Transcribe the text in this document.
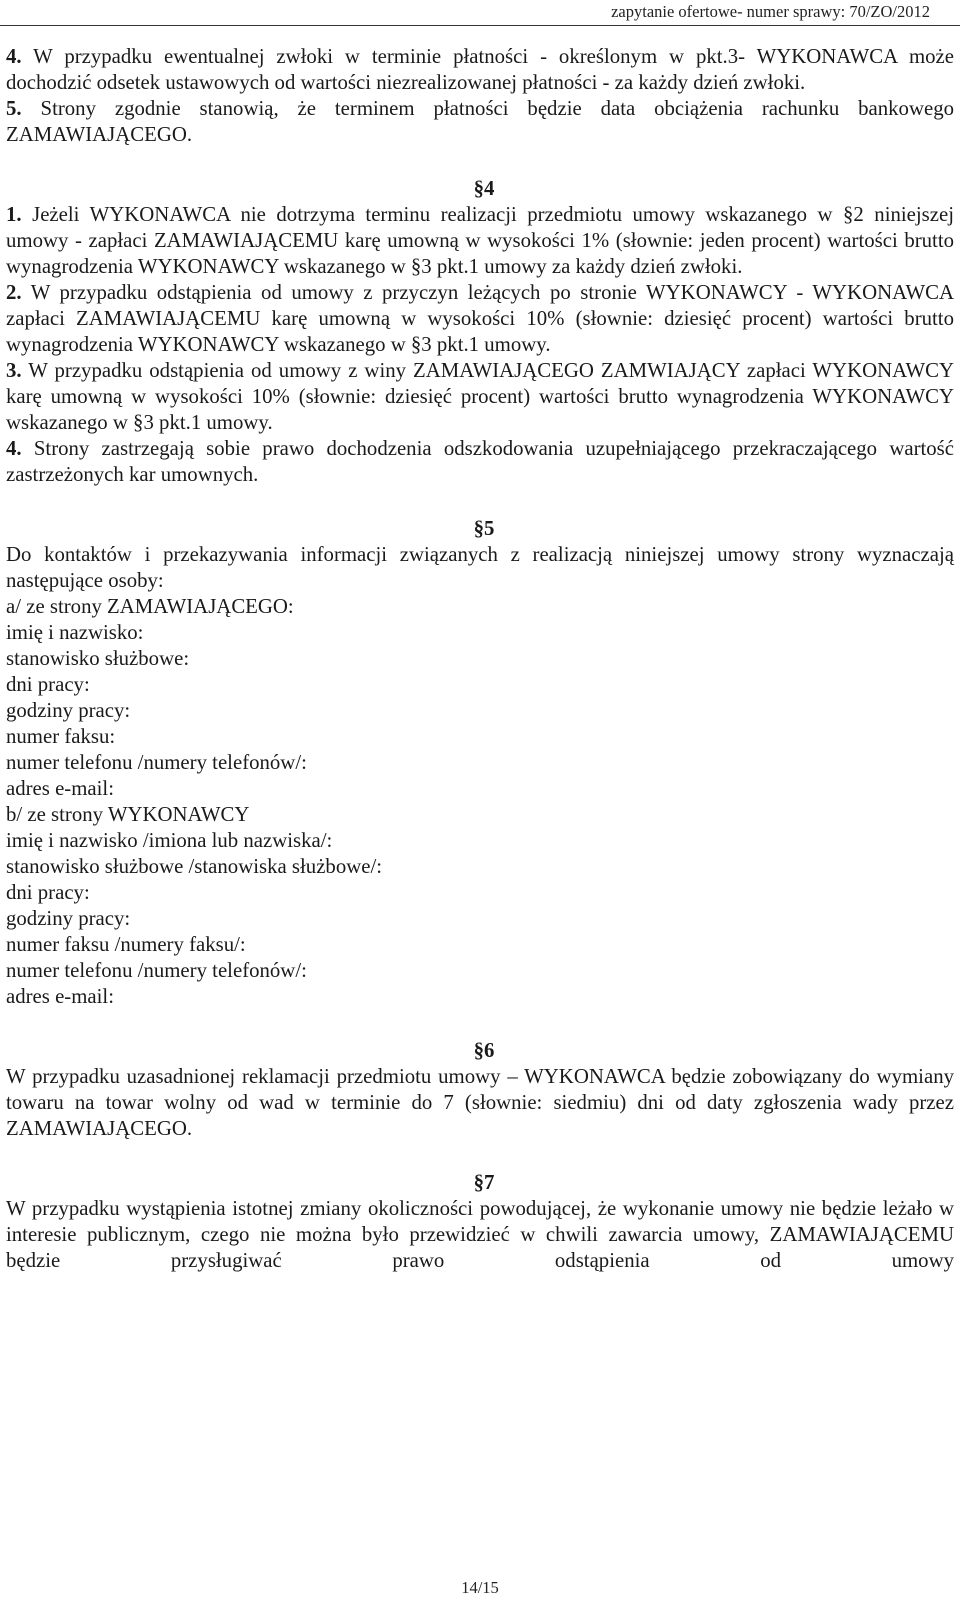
zapytanie ofertowe- numer sprawy: 70/ZO/2012

4. W przypadku ewentualnej zwłoki w terminie płatności - określonym w pkt.3- WYKONAWCA może dochodzić odsetek ustawowych od wartości niezrealizowanej płatności - za każdy dzień zwłoki.

5. Strony zgodnie stanowią, że terminem płatności będzie data obciążenia rachunku bankowego ZAMAWIAJĄCEGO.

§4

1. Jeżeli WYKONAWCA nie dotrzyma terminu realizacji przedmiotu umowy wskazanego w §2 niniejszej umowy - zapłaci ZAMAWIAJĄCEMU karę umowną w wysokości 1% (słownie: jeden procent) wartości brutto wynagrodzenia WYKONAWCY wskazanego w §3 pkt.1 umowy za każdy dzień zwłoki.

2. W przypadku odstąpienia od umowy z przyczyn leżących po stronie WYKONAWCY - WYKONAWCA zapłaci ZAMAWIAJĄCEMU karę umowną w wysokości 10% (słownie: dziesięć procent) wartości brutto wynagrodzenia WYKONAWCY wskazanego w §3 pkt.1 umowy.

3. W przypadku odstąpienia od umowy z winy ZAMAWIAJĄCEGO ZAMWIAJĄCY zapłaci WYKONAWCY karę umowną w wysokości 10% (słownie: dziesięć procent) wartości brutto wynagrodzenia WYKONAWCY wskazanego w §3 pkt.1 umowy.

4. Strony zastrzegają sobie prawo dochodzenia odszkodowania uzupełniającego przekraczającego wartość zastrzeżonych kar umownych.

§5

Do kontaktów i przekazywania informacji związanych z realizacją niniejszej umowy strony wyznaczają następujące osoby:

a/ ze strony ZAMAWIAJĄCEGO:

imię i nazwisko:

stanowisko służbowe:

dni pracy:

godziny pracy:

numer faksu:

numer telefonu /numery telefonów/:

adres e-mail:

b/ ze strony WYKONAWCY

imię i nazwisko /imiona lub nazwiska/:

stanowisko służbowe /stanowiska służbowe/:

dni pracy:

godziny pracy:

numer faksu /numery faksu/:

numer telefonu /numery telefonów/:

adres e-mail:

§6

W przypadku uzasadnionej reklamacji przedmiotu umowy – WYKONAWCA będzie zobowiązany do wymiany towaru na towar wolny od wad w terminie do 7 (słownie: siedmiu) dni od daty zgłoszenia wady przez ZAMAWIAJĄCEGO.

§7

W przypadku wystąpienia istotnej zmiany okoliczności powodującej, że wykonanie umowy nie będzie leżało w interesie publicznym, czego nie można było przewidzieć w chwili zawarcia umowy, ZAMAWIAJĄCEMU będzie przysługiwać prawo odstąpienia od umowy

14/15
